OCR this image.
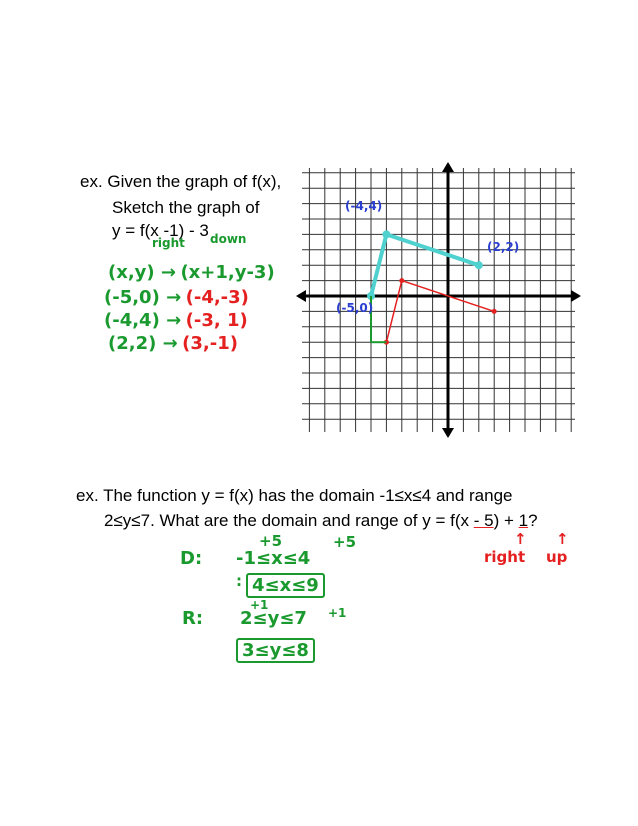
ex. Given the graph of f(x),
Sketch the graph of
y = f(x -1) - 3
right down
(x,y) → (x+1,y-3)
(-5,0) → (-4,-3)
(-4,4) → (-3, 1)
(2,2) → (3,-1)
(-4,4)
(2,2)
(-5,0)
ex. The function y = f(x) has the domain -1≤x≤4 and range
2≤y≤7. What are the domain and range of y = f(x - 5) + 1?
+5	+5
D: -1≤x≤4
: 4≤x≤9
+1
R: 2≤y≤7 +1
3≤y≤8
right up
↑ ↑
